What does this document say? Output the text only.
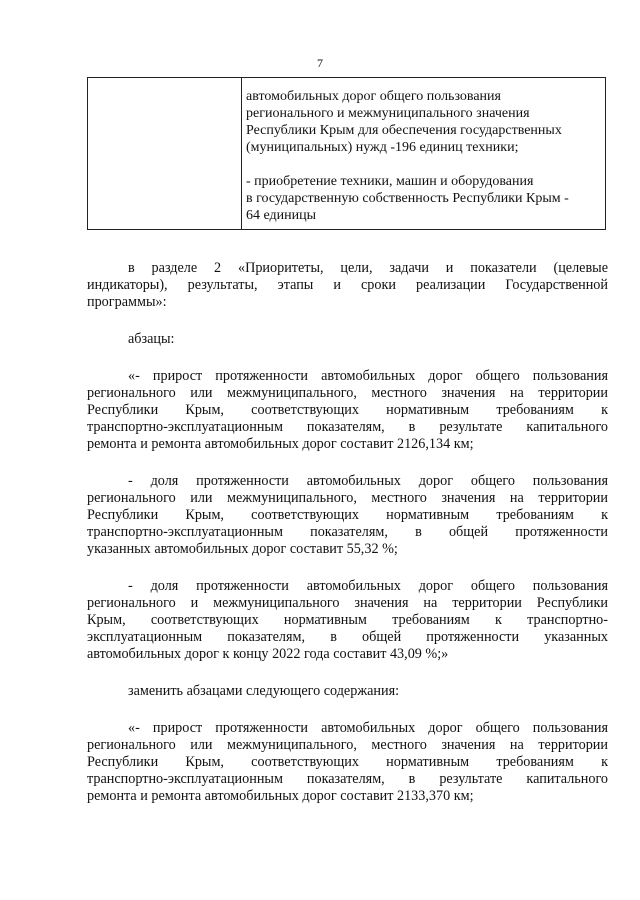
7

автомобильных дорог общего пользования

регионального и межмуниципального значения

Республики Крым для обеспечения государственных

(муниципальных) нужд -196 единиц техники;

- приобретение техники, машин и оборудования

в государственную собственность Республики Крым -

64 единицы

в разделе 2 «Приоритеты, цели, задачи и показатели (целевые

индикаторы), результаты, этапы и сроки реализации Государственной

программы»:

абзацы:

«- прирост протяженности автомобильных дорог общего пользования

регионального или межмуниципального, местного значения на территории

Республики Крым, соответствующих нормативным требованиям к

транспортно-эксплуатационным показателям, в результате капитального

ремонта и ремонта автомобильных дорог составит 2126,134 км;

- доля протяженности автомобильных дорог общего пользования

регионального или межмуниципального, местного значения на территории

Республики Крым, соответствующих нормативным требованиям к

транспортно-эксплуатационным показателям, в общей протяженности

указанных автомобильных дорог составит 55,32 %;

- доля протяженности автомобильных дорог общего пользования

регионального и межмуниципального значения на территории Республики

Крым, соответствующих нормативным требованиям к транспортно-

эксплуатационным показателям, в общей протяженности указанных

автомобильных дорог к концу 2022 года составит 43,09 %;»

заменить абзацами следующего содержания:

«- прирост протяженности автомобильных дорог общего пользования

регионального или межмуниципального, местного значения на территории

Республики Крым, соответствующих нормативным требованиям к

транспортно-эксплуатационным показателям, в результате капитального

ремонта и ремонта автомобильных дорог составит 2133,370 км;
